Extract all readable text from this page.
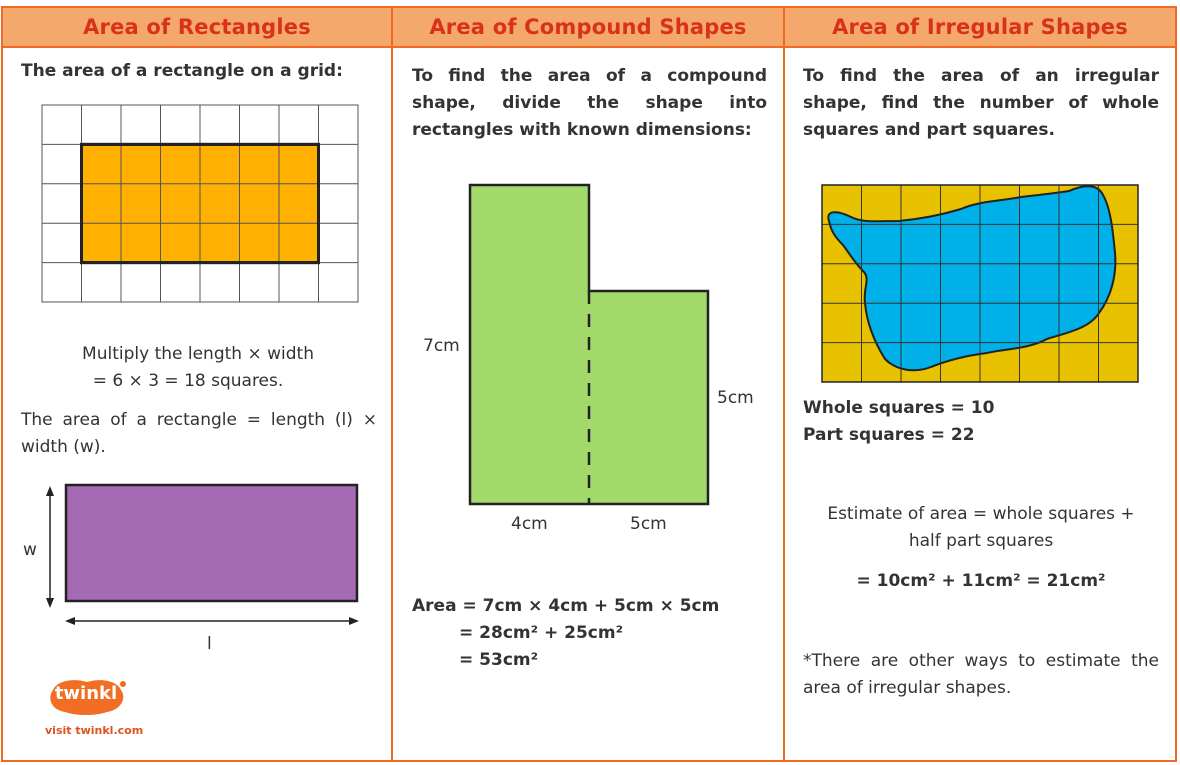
Area of Rectangles
The area of a rectangle on a grid:
Multiply the length × width
= 6 × 3 = 18 squares.
The area of a rectangle = length (l) × width (w).
w
l
twinkl
visit twinkl.com
Area of Compound Shapes
To find the area of a compound shape, divide the shape into rectangles with known dimensions:
7cm
5cm
4cm	5cm
Area = 7cm × 4cm + 5cm × 5cm
= 28cm² + 25cm²
= 53cm²
Area of Irregular Shapes
To find the area of an irregular shape, find the number of whole squares and part squares.
Whole squares = 10
Part squares = 22
Estimate of area = whole squares +
half part squares
= 10cm² + 11cm² = 21cm²
*There are other ways to estimate the area of irregular shapes.
